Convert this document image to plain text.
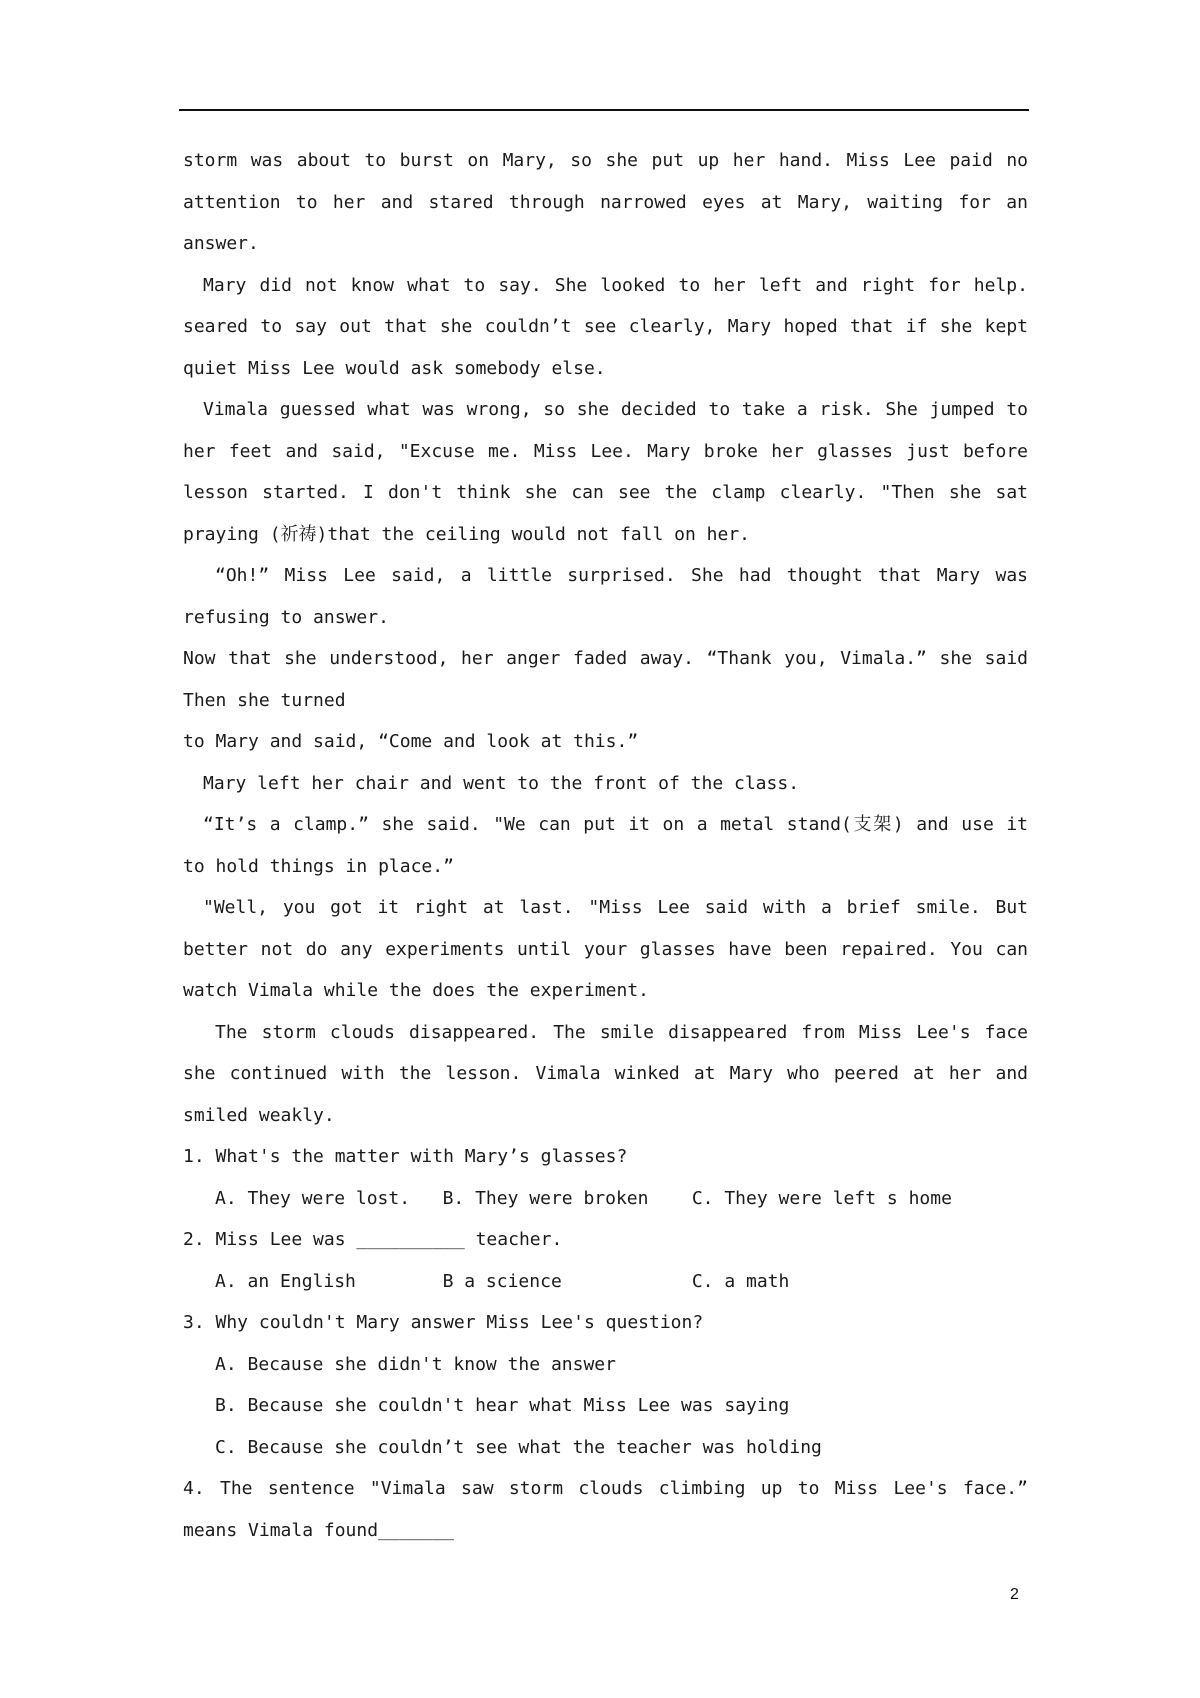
storm was about to burst on Mary, so she put up her hand. Miss Lee paid no
attention to her and stared through narrowed eyes at Mary, waiting for an
answer.
Mary did not know what to say. She looked to her left and right for help.
seared to say out that she couldn’t see clearly, Mary hoped that if she kept
quiet Miss Lee would ask somebody else.
Vimala guessed what was wrong, so she decided to take a risk. She jumped to
her feet and said, "Excuse me. Miss Lee. Mary broke her glasses just before
lesson started. I don't think she can see the clamp clearly. "Then she sat
praying (祈祷)that the ceiling would not fall on her.
“Oh!” Miss Lee said, a little surprised. She had thought that Mary was
refusing to answer.
Now that she understood, her anger faded away. “Thank you, Vimala.” she said
Then she turned
to Mary and said, “Come and look at this.”
Mary left her chair and went to the front of the class.
“It’s a clamp.” she said. "We can put it on a metal stand(支架) and use it
to hold things in place.”
"Well, you got it right at last. "Miss Lee said with a brief smile. But
better not do any experiments until your glasses have been repaired. You can
watch Vimala while the does the experiment.
The storm clouds disappeared. The smile disappeared from Miss Lee's face
she continued with the lesson. Vimala winked at Mary who peered at her and
smiled weakly.
1. What's the matter with Mary’s glasses?
A. They were lost.   B. They were broken    C. They were left s home
2. Miss Lee was __________ teacher.
A. an English        B a science            C. a math
3. Why couldn't Mary answer Miss Lee's question?
A. Because she didn't know the answer
B. Because she couldn't hear what Miss Lee was saying
C. Because she couldn’t see what the teacher was holding
4. The sentence "Vimala saw storm clouds climbing up to Miss Lee's face.”
means Vimala found_______
2
